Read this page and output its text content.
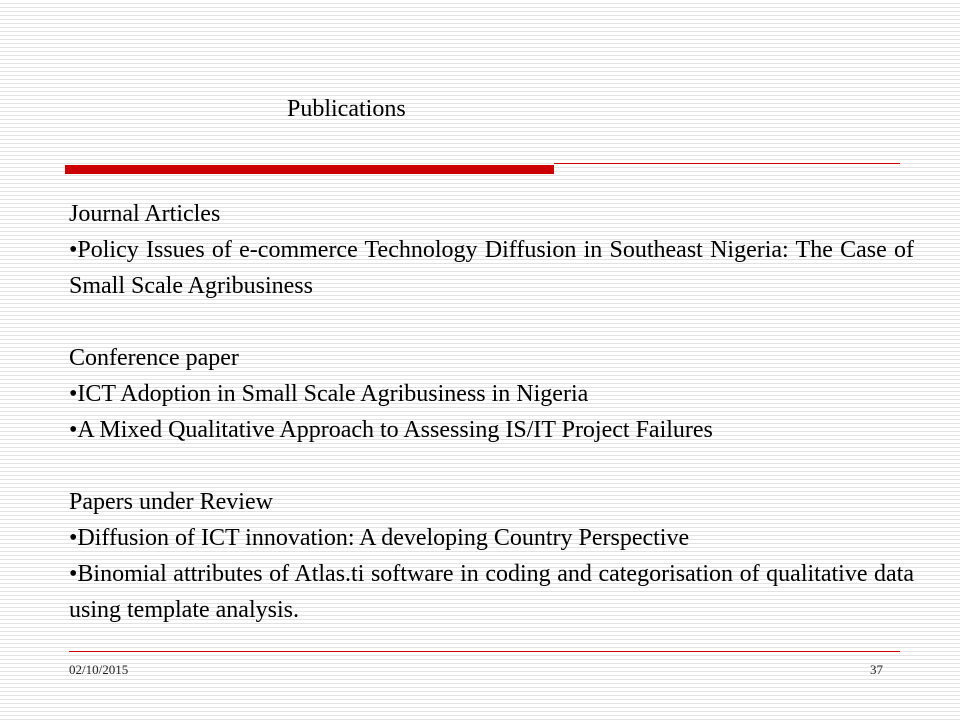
Publications
Journal Articles
• Policy Issues of e-commerce Technology Diffusion in Southeast Nigeria: The Case of Small Scale Agribusiness
Conference paper
• ICT Adoption in Small Scale Agribusiness in Nigeria
• A Mixed Qualitative Approach to Assessing IS/IT Project Failures
Papers under Review
• Diffusion of ICT innovation: A developing Country Perspective
• Binomial attributes of Atlas.ti software in coding and categorisation of qualitative data using template analysis.
02/10/2015	37
